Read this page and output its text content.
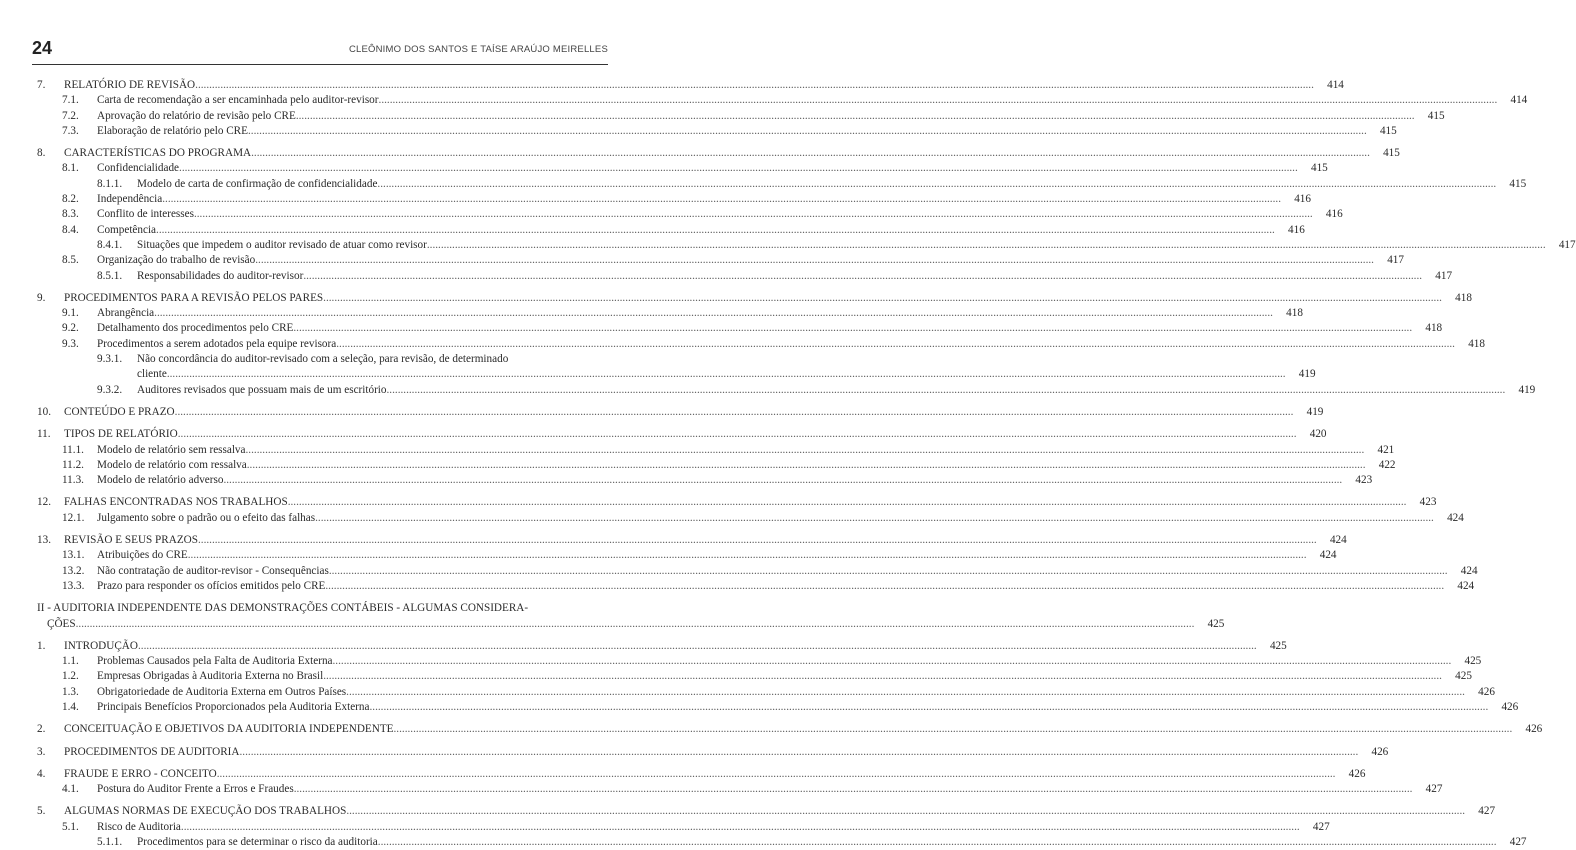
24	CLEÔNIMO DOS SANTOS E TAÍSE ARAÚJO MEIRELLES
7. RELATÓRIO DE REVISÃO ................................................................................................................................................................................................................................................................................................................................................................................................................	414
7.1. Carta de recomendação a ser encaminhada pelo auditor-revisor ................................................................................................................................................................................................................................................................................................................................................................................................................	414
7.2. Aprovação do relatório de revisão pelo CRE ................................................................................................................................................................................................................................................................................................................................................................................................................	415
7.3. Elaboração de relatório pelo CRE ................................................................................................................................................................................................................................................................................................................................................................................................................	415
8. CARACTERÍSTICAS DO PROGRAMA ................................................................................................................................................................................................................................................................................................................................................................................................................	415
8.1. Confidencialidade ................................................................................................................................................................................................................................................................................................................................................................................................................	415
8.1.1. Modelo de carta de confirmação de confidencialidade ................................................................................................................................................................................................................................................................................................................................................................................................................	415
8.2. Independência ................................................................................................................................................................................................................................................................................................................................................................................................................	416
8.3. Conflito de interesses ................................................................................................................................................................................................................................................................................................................................................................................................................	416
8.4. Competência ................................................................................................................................................................................................................................................................................................................................................................................................................	416
8.4.1. Situações que impedem o auditor revisado de atuar como revisor ................................................................................................................................................................................................................................................................................................................................................................................................................	417
8.5. Organização do trabalho de revisão ................................................................................................................................................................................................................................................................................................................................................................................................................	417
8.5.1. Responsabilidades do auditor-revisor ................................................................................................................................................................................................................................................................................................................................................................................................................	417
9. PROCEDIMENTOS PARA A REVISÃO PELOS PARES ................................................................................................................................................................................................................................................................................................................................................................................................................	418
9.1. Abrangência ................................................................................................................................................................................................................................................................................................................................................................................................................	418
9.2. Detalhamento dos procedimentos pelo CRE ................................................................................................................................................................................................................................................................................................................................................................................................................	418
9.3. Procedimentos a serem adotados pela equipe revisora ................................................................................................................................................................................................................................................................................................................................................................................................................	418
9.3.1. Não concordância do auditor-revisado com a seleção, para revisão, de determinado
cliente ................................................................................................................................................................................................................................................................................................................................................................................................................	419
9.3.2. Auditores revisados que possuam mais de um escritório ................................................................................................................................................................................................................................................................................................................................................................................................................	419
10. CONTEÚDO E PRAZO ................................................................................................................................................................................................................................................................................................................................................................................................................	419
11. TIPOS DE RELATÓRIO ................................................................................................................................................................................................................................................................................................................................................................................................................	420
11.1. Modelo de relatório sem ressalva ................................................................................................................................................................................................................................................................................................................................................................................................................	421
11.2. Modelo de relatório com ressalva ................................................................................................................................................................................................................................................................................................................................................................................................................	422
11.3. Modelo de relatório adverso ................................................................................................................................................................................................................................................................................................................................................................................................................	423
12. FALHAS ENCONTRADAS NOS TRABALHOS ................................................................................................................................................................................................................................................................................................................................................................................................................	423
12.1. Julgamento sobre o padrão ou o efeito das falhas ................................................................................................................................................................................................................................................................................................................................................................................................................	424
13. REVISÃO E SEUS PRAZOS ................................................................................................................................................................................................................................................................................................................................................................................................................	424
13.1. Atribuições do CRE ................................................................................................................................................................................................................................................................................................................................................................................................................	424
13.2. Não contratação de auditor-revisor - Consequências ................................................................................................................................................................................................................................................................................................................................................................................................................	424
13.3. Prazo para responder os ofícios emitidos pelo CRE ................................................................................................................................................................................................................................................................................................................................................................................................................	424
II - AUDITORIA INDEPENDENTE DAS DEMONSTRAÇÕES CONTÁBEIS - ALGUMAS CONSIDERA-
ÇÕES ................................................................................................................................................................................................................................................................................................................................................................................................................	425
1. INTRODUÇÃO ................................................................................................................................................................................................................................................................................................................................................................................................................	425
1.1. Problemas Causados pela Falta de Auditoria Externa ................................................................................................................................................................................................................................................................................................................................................................................................................	425
1.2. Empresas Obrigadas à Auditoria Externa no Brasil ................................................................................................................................................................................................................................................................................................................................................................................................................	425
1.3. Obrigatoriedade de Auditoria Externa em Outros Países ................................................................................................................................................................................................................................................................................................................................................................................................................	426
1.4. Principais Benefícios Proporcionados pela Auditoria Externa ................................................................................................................................................................................................................................................................................................................................................................................................................	426
2. CONCEITUAÇÃO E OBJETIVOS DA AUDITORIA INDEPENDENTE ................................................................................................................................................................................................................................................................................................................................................................................................................	426
3. PROCEDIMENTOS DE AUDITORIA ................................................................................................................................................................................................................................................................................................................................................................................................................	426
4. FRAUDE E ERRO - CONCEITO ................................................................................................................................................................................................................................................................................................................................................................................................................	426
4.1. Postura do Auditor Frente a Erros e Fraudes ................................................................................................................................................................................................................................................................................................................................................................................................................	427
5. ALGUMAS NORMAS DE EXECUÇÃO DOS TRABALHOS ................................................................................................................................................................................................................................................................................................................................................................................................................	427
5.1. Risco de Auditoria ................................................................................................................................................................................................................................................................................................................................................................................................................	427
5.1.1. Procedimentos para se determinar o risco da auditoria ................................................................................................................................................................................................................................................................................................................................................................................................................	427
